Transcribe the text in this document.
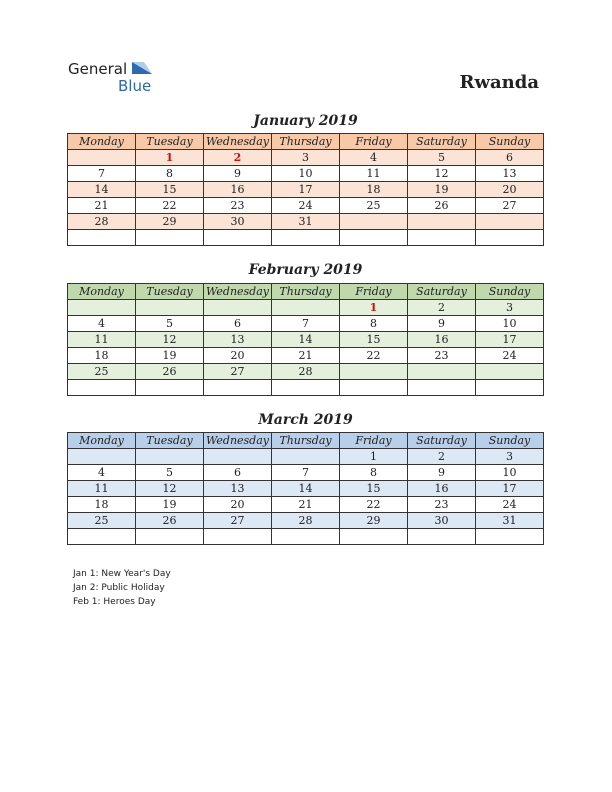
General
Blue	Rwanda
January 2019
Monday	Tuesday	Wednesday	Thursday	Friday	Saturday	Sunday
	1	2	3	4	5	6
7	8	9	10	11	12	13
14	15	16	17	18	19	20
21	22	23	24	25	26	27
28	29	30	31			

February 2019
Monday	Tuesday	Wednesday	Thursday	Friday	Saturday	Sunday
				1	2	3
4	5	6	7	8	9	10
11	12	13	14	15	16	17
18	19	20	21	22	23	24
25	26	27	28			

March 2019
Monday	Tuesday	Wednesday	Thursday	Friday	Saturday	Sunday
				1	2	3
4	5	6	7	8	9	10
11	12	13	14	15	16	17
18	19	20	21	22	23	24
25	26	27	28	29	30	31

Jan 1: New Year's Day
Jan 2: Public Holiday
Feb 1: Heroes Day
